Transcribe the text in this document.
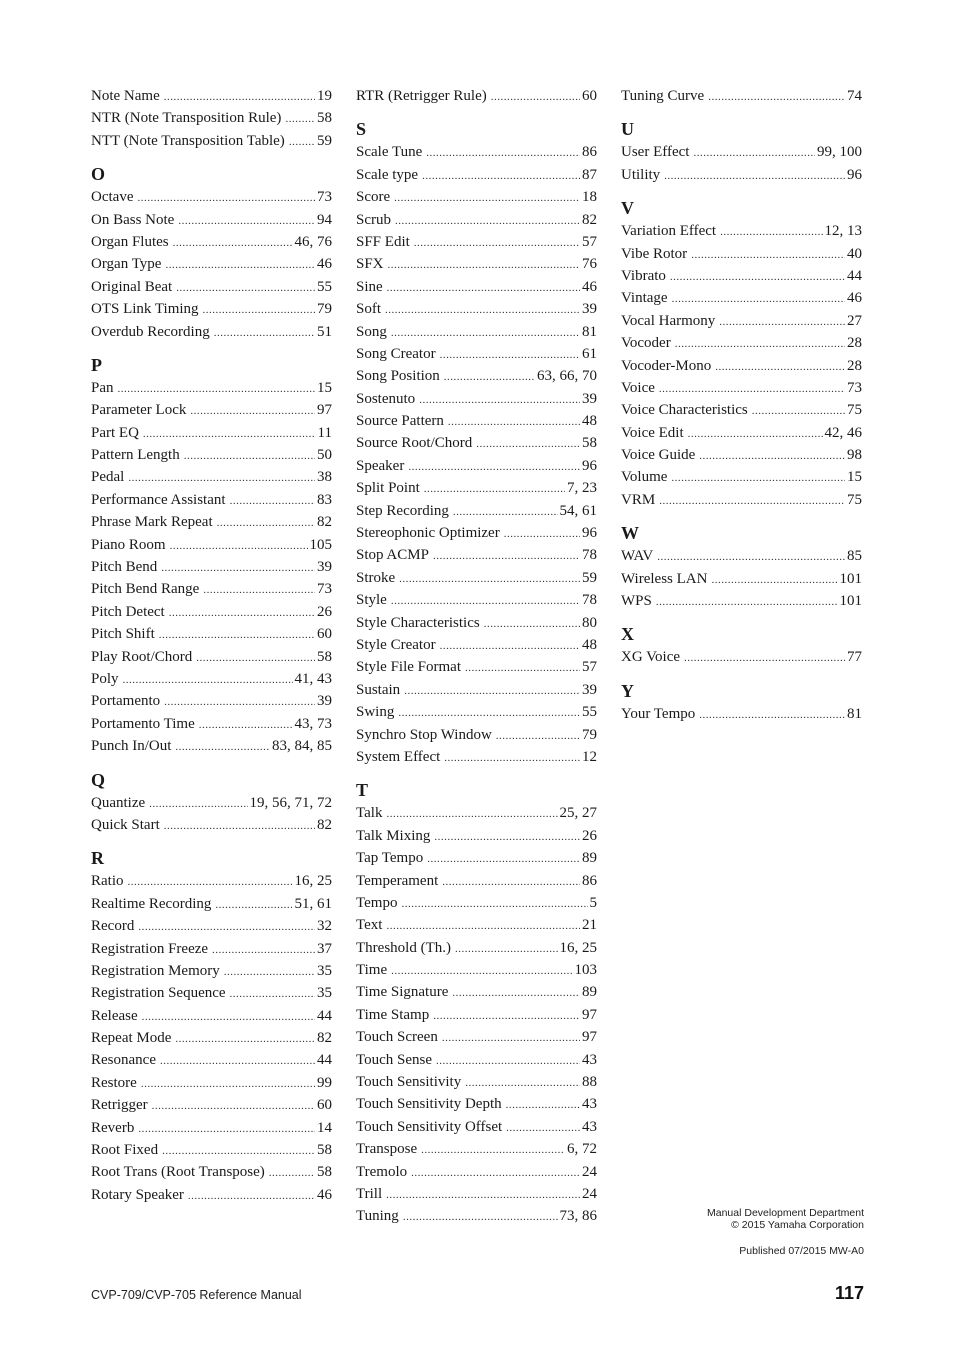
Note Name .....	19
NTR (Note Transposition Rule) ..... 58
NTT (Note Transposition Table) ..... 59
O
Octave .....	73
On Bass Note .....	94
Organ Flutes .....	46, 76
Organ Type .....	46
Original Beat .....	55
OTS Link Timing .....	79
Overdub Recording .....	51
P
Pan .....	15
Parameter Lock .....	97
Part EQ .....	11
Pattern Length .....	50
Pedal .....	38
Performance Assistant .....	83
Phrase Mark Repeat .....	82
Piano Room .....	105
Pitch Bend .....	39
Pitch Bend Range .....	73
Pitch Detect .....	26
Pitch Shift .....	60
Play Root/Chord .....	58
Poly .....	41, 43
Portamento .....	39
Portamento Time .....	43, 73
Punch In/Out .....	83, 84, 85
Q
Quantize .....	19, 56, 71, 72
Quick Start .....	82
R
Ratio .....	16, 25
Realtime Recording .....	51, 61
Record .....	32
Registration Freeze .....	37
Registration Memory .....	35
Registration Sequence .....	35
Release .....	44
Repeat Mode .....	82
Resonance .....	44
Restore .....	99
Retrigger .....	60
Reverb .....	14
Root Fixed .....	58
Root Trans (Root Transpose) .....	58
Rotary Speaker .....	46
RTR (Retrigger Rule) .....	60
S
Scale Tune .....	86
Scale type .....	87
Score .....	18
Scrub .....	82
SFF Edit .....	57
SFX .....	76
Sine .....	46
Soft .....	39
Song .....	81
Song Creator .....	61
Song Position .....	63, 66, 70
Sostenuto .....	39
Source Pattern .....	48
Source Root/Chord .....	58
Speaker .....	96
Split Point .....	7, 23
Step Recording .....	54, 61
Stereophonic Optimizer .....	96
Stop ACMP .....	78
Stroke .....	59
Style .....	78
Style Characteristics .....	80
Style Creator .....	48
Style File Format .....	57
Sustain .....	39
Swing .....	55
Synchro Stop Window .....	79
System Effect .....	12
T
Talk .....	25, 27
Talk Mixing .....	26
Tap Tempo .....	89
Temperament .....	86
Tempo .....	5
Text .....	21
Threshold (Th.) .....	16, 25
Time .....	103
Time Signature .....	89
Time Stamp .....	97
Touch Screen .....	97
Touch Sense .....	43
Touch Sensitivity .....	88
Touch Sensitivity Depth .....	43
Touch Sensitivity Offset .....	43
Transpose .....	6, 72
Tremolo .....	24
Trill .....	24
Tuning .....	73, 86
Tuning Curve .....	74
U
User Effect .....	99, 100
Utility .....	96
V
Variation Effect .....	12, 13
Vibe Rotor .....	40
Vibrato .....	44
Vintage .....	46
Vocal Harmony .....	27
Vocoder .....	28
Vocoder-Mono .....	28
Voice .....	73
Voice Characteristics .....	75
Voice Edit .....	42, 46
Voice Guide .....	98
Volume .....	15
VRM .....	75
W
WAV .....	85
Wireless LAN .....	101
WPS .....	101
X
XG Voice .....	77
Y
Your Tempo .....	81
Manual Development Department
© 2015 Yamaha Corporation
Published 07/2015 MW-A0
CVP-709/CVP-705 Reference Manual	117
